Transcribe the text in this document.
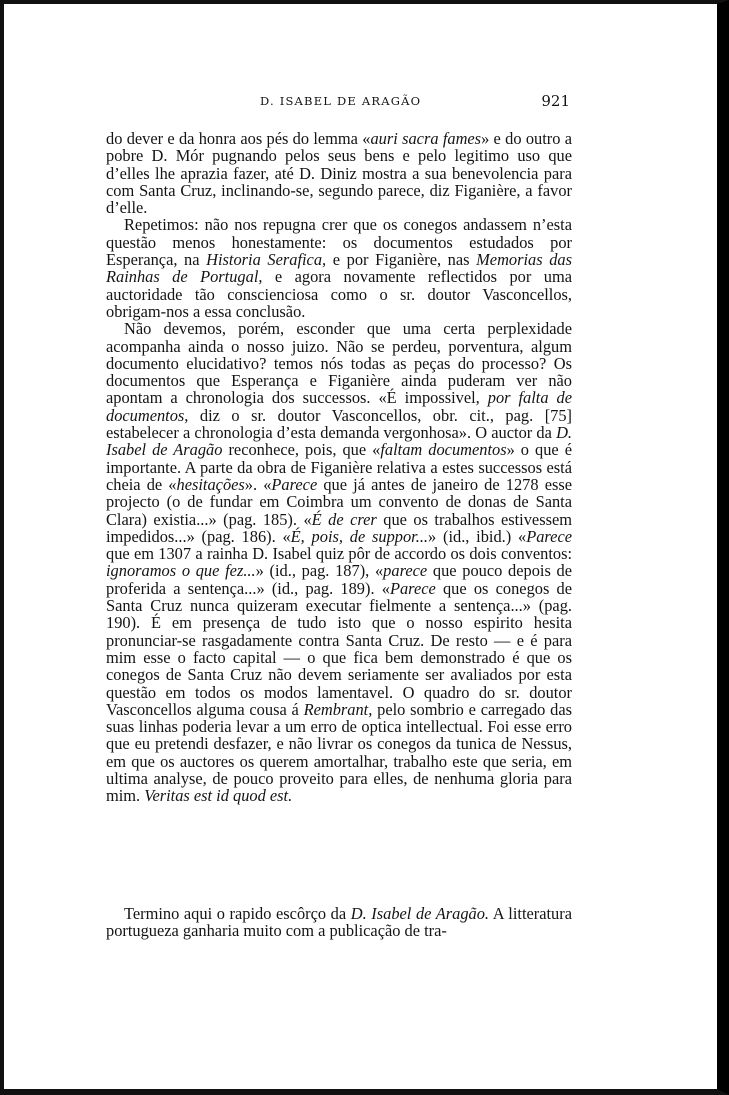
D. ISABEL DE ARAGÃO	921

do dever e da honra aos pés do lemma «auri sacra fames» e do outro a pobre D. Mór pugnando pelos seus bens e pelo legitimo uso que d’elles lhe aprazia fazer, até D. Diniz mostra a sua benevolencia para com Santa Cruz, inclinando-se, segundo parece, diz Figanière, a favor d’elle.

Repetimos: não nos repugna crer que os conegos andassem n’esta questão menos honestamente: os documentos estudados por Esperança, na Historia Serafica, e por Figanière, nas Memorias das Rainhas de Portugal, e agora novamente reflectidos por uma auctoridade tão conscienciosa como o sr. doutor Vasconcellos, obrigam-nos a essa conclusão.

Não devemos, porém, esconder que uma certa perplexidade acompanha ainda o nosso juizo. Não se perdeu, porventura, algum documento elucidativo? temos nós todas as peças do processo? Os documentos que Esperança e Figanière ainda puderam ver não apontam a chronologia dos successos. «É impossivel, por falta de documentos, diz o sr. doutor Vasconcellos, obr. cit., pag. [75] estabelecer a chronologia d’esta demanda vergonhosa». O auctor da D. Isabel de Aragão reconhece, pois, que «faltam documentos» o que é importante. A parte da obra de Figanière relativa a estes successos está cheia de «hesitações». «Parece que já antes de janeiro de 1278 esse projecto (o de fundar em Coimbra um convento de donas de Santa Clara) existia...» (pag. 185). «É de crer que os trabalhos estivessem impedidos...» (pag. 186). «É, pois, de suppor...» (id., ibid.) «Parece que em 1307 a rainha D. Isabel quiz pôr de accordo os dois conventos: ignoramos o que fez...» (id., pag. 187), «parece que pouco depois de proferida a sentença...» (id., pag. 189). «Parece que os conegos de Santa Cruz nunca quizeram executar fielmente a sentença...» (pag. 190). É em presença de tudo isto que o nosso espirito hesita pronunciar-se rasgadamente contra Santa Cruz. De resto — e é para mim esse o facto capital — o que fica bem demonstrado é que os conegos de Santa Cruz não devem seriamente ser avaliados por esta questão em todos os modos lamentavel. O quadro do sr. doutor Vasconcellos alguma cousa á Rembrant, pelo sombrio e carregado das suas linhas poderia levar a um erro de optica intellectual. Foi esse erro que eu pretendi desfazer, e não livrar os conegos da tunica de Nessus, em que os auctores os querem amortalhar, trabalho este que seria, em ultima analyse, de pouco proveito para elles, de nenhuma gloria para mim. Veritas est id quod est.

Termino aqui o rapido escôrço da D. Isabel de Aragão. A litteratura portugueza ganharia muito com a publicação de tra-
